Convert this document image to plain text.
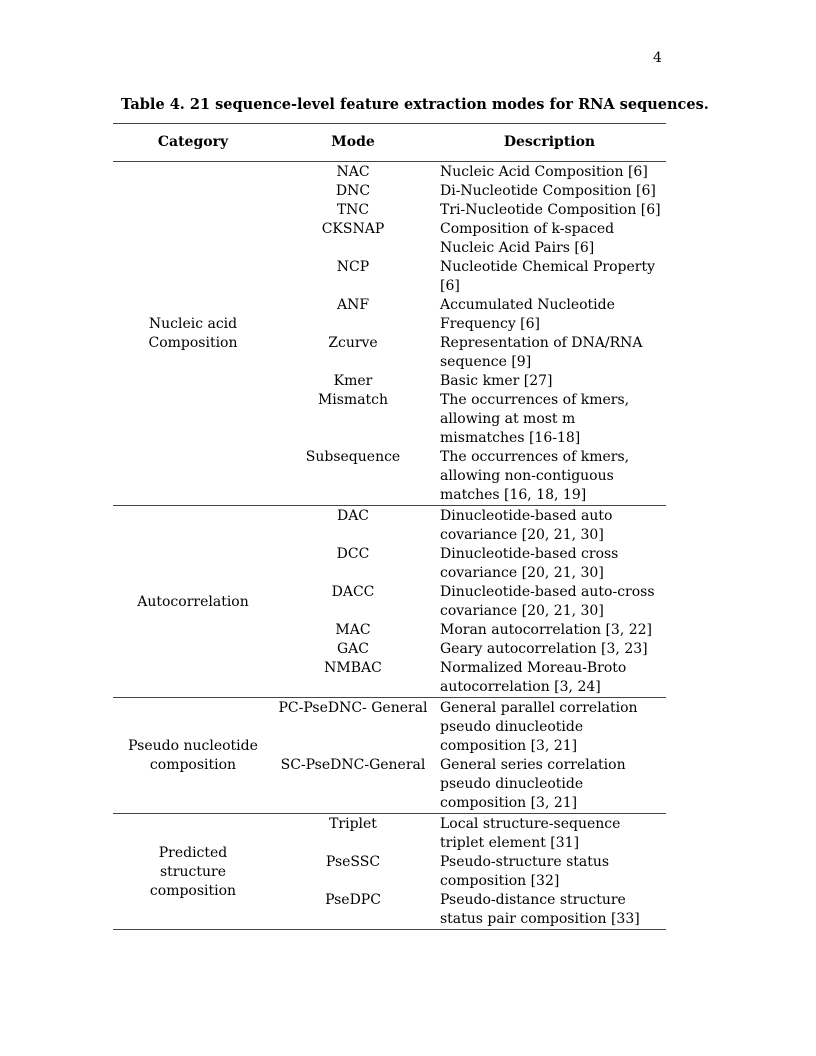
4
Table 4. 21 sequence-level feature extraction modes for RNA sequences.
Category	Mode	Description

Nucleic acid Composition	NAC	Nucleic Acid Composition [6]
	DNC	Di-Nucleotide Composition [6]
	TNC	Tri-Nucleotide Composition [6]
	CKSNAP	Composition of k-spaced Nucleic Acid Pairs [6]
	NCP	Nucleotide Chemical Property [6]
	ANF	Accumulated Nucleotide Frequency [6]
	Zcurve	Representation of DNA/RNA sequence [9]
	Kmer	Basic kmer [27]
	Mismatch	The occurrences of kmers, allowing at most m mismatches [16-18]
	Subsequence	The occurrences of kmers, allowing non-contiguous matches [16, 18, 19]

Autocorrelation	DAC	Dinucleotide-based auto covariance [20, 21, 30]
	DCC	Dinucleotide-based cross covariance [20, 21, 30]
	DACC	Dinucleotide-based auto-cross covariance [20, 21, 30]
	MAC	Moran autocorrelation [3, 22]
	GAC	Geary autocorrelation [3, 23]
	NMBAC	Normalized Moreau-Broto autocorrelation [3, 24]

Pseudo nucleotide composition	PC-PseDNC- General	General parallel correlation pseudo dinucleotide composition [3, 21]
	SC-PseDNC-General	General series correlation pseudo dinucleotide composition [3, 21]

Predicted structure composition	Triplet	Local structure-sequence triplet element [31]
	PseSSC	Pseudo-structure status composition [32]
	PseDPC	Pseudo-distance structure status pair composition [33]
